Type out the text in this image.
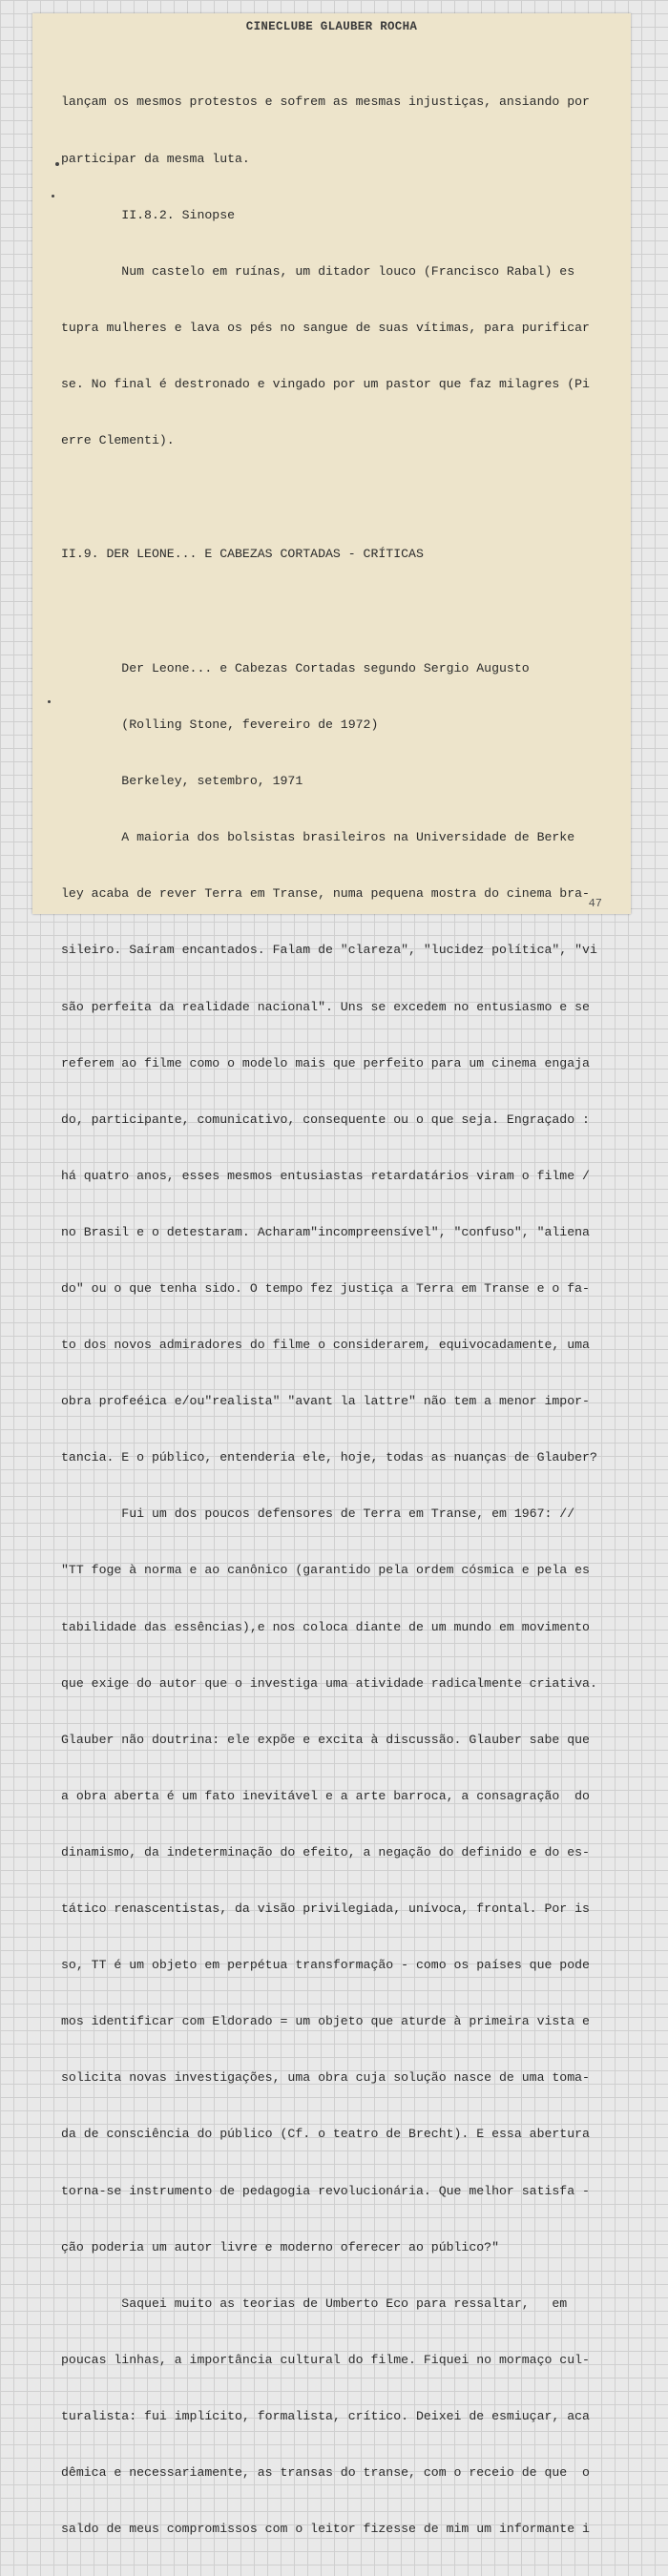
CINECLUBE GLAUBER ROCHA

lançam os mesmos protestos e sofrem as mesmas injustiças, ansiando por

participar da mesma luta.

II.8.2. Sinopse

Num castelo em ruínas, um ditador louco (Francisco Rabal) es

tupra mulheres e lava os pés no sangue de suas vítimas, para purificar

se. No final é destronado e vingado por um pastor que faz milagres (Pi

erre Clementi).

II.9. DER LEONE... E CABEZAS CORTADAS - CRÍTICAS

Der Leone... e Cabezas Cortadas segundo Sergio Augusto

(Rolling Stone, fevereiro de 1972)

Berkeley, setembro, 1971

A maioria dos bolsistas brasileiros na Universidade de Berke

ley acaba de rever Terra em Transe, numa pequena mostra do cinema bra-

sileiro. Saíram encantados. Falam de "clareza", "lucidez política", "vi

são perfeita da realidade nacional". Uns se excedem no entusiasmo e se

referem ao filme como o modelo mais que perfeito para um cinema engaja

do, participante, comunicativo, consequente ou o que seja. Engraçado :

há quatro anos, esses mesmos entusiastas retardatários viram o filme /

no Brasil e o detestaram. Acharam"incompreensível", "confuso", "aliena

do" ou o que tenha sido. O tempo fez justiça a Terra em Transe e o fa-

to dos novos admiradores do filme o considerarem, equivocadamente, uma

obra profeéica e/ou"realista" "avant la lattre" não tem a menor impor-

tancia. E o público, entenderia ele, hoje, todas as nuanças de Glauber?

Fui um dos poucos defensores de Terra em Transe, em 1967: //

"TT foge à norma e ao canônico (garantido pela ordem cósmica e pela es

tabilidade das essências),e nos coloca diante de um mundo em movimento

que exige do autor que o investiga uma atividade radicalmente criativa.

Glauber não doutrina: ele expõe e excita à discussão. Glauber sabe que

a obra aberta é um fato inevitável e a arte barroca, a consagração  do

dinamismo, da indeterminação do efeito, a negação do definido e do es-

tático renascentistas, da visão privilegiada, unívoca, frontal. Por is

so, TT é um objeto em perpétua transformação - como os países que pode

mos identificar com Eldorado = um objeto que aturde à primeira vista e

solicita novas investigações, uma obra cuja solução nasce de uma toma-

da de consciência do público (Cf. o teatro de Brecht). E essa abertura

torna-se instrumento de pedagogia revolucionária. Que melhor satisfa -

ção poderia um autor livre e moderno oferecer ao público?"

Saquei muito as teorias de Umberto Eco para ressaltar,   em

poucas linhas, a importância cultural do filme. Fiquei no mormaço cul-

turalista: fui implícito, formalista, crítico. Deixei de esmiuçar, aca

dêmica e necessariamente, as transas do transe, com o receio de que  o

saldo de meus compromissos com o leitor fizesse de mim um informante i

47
